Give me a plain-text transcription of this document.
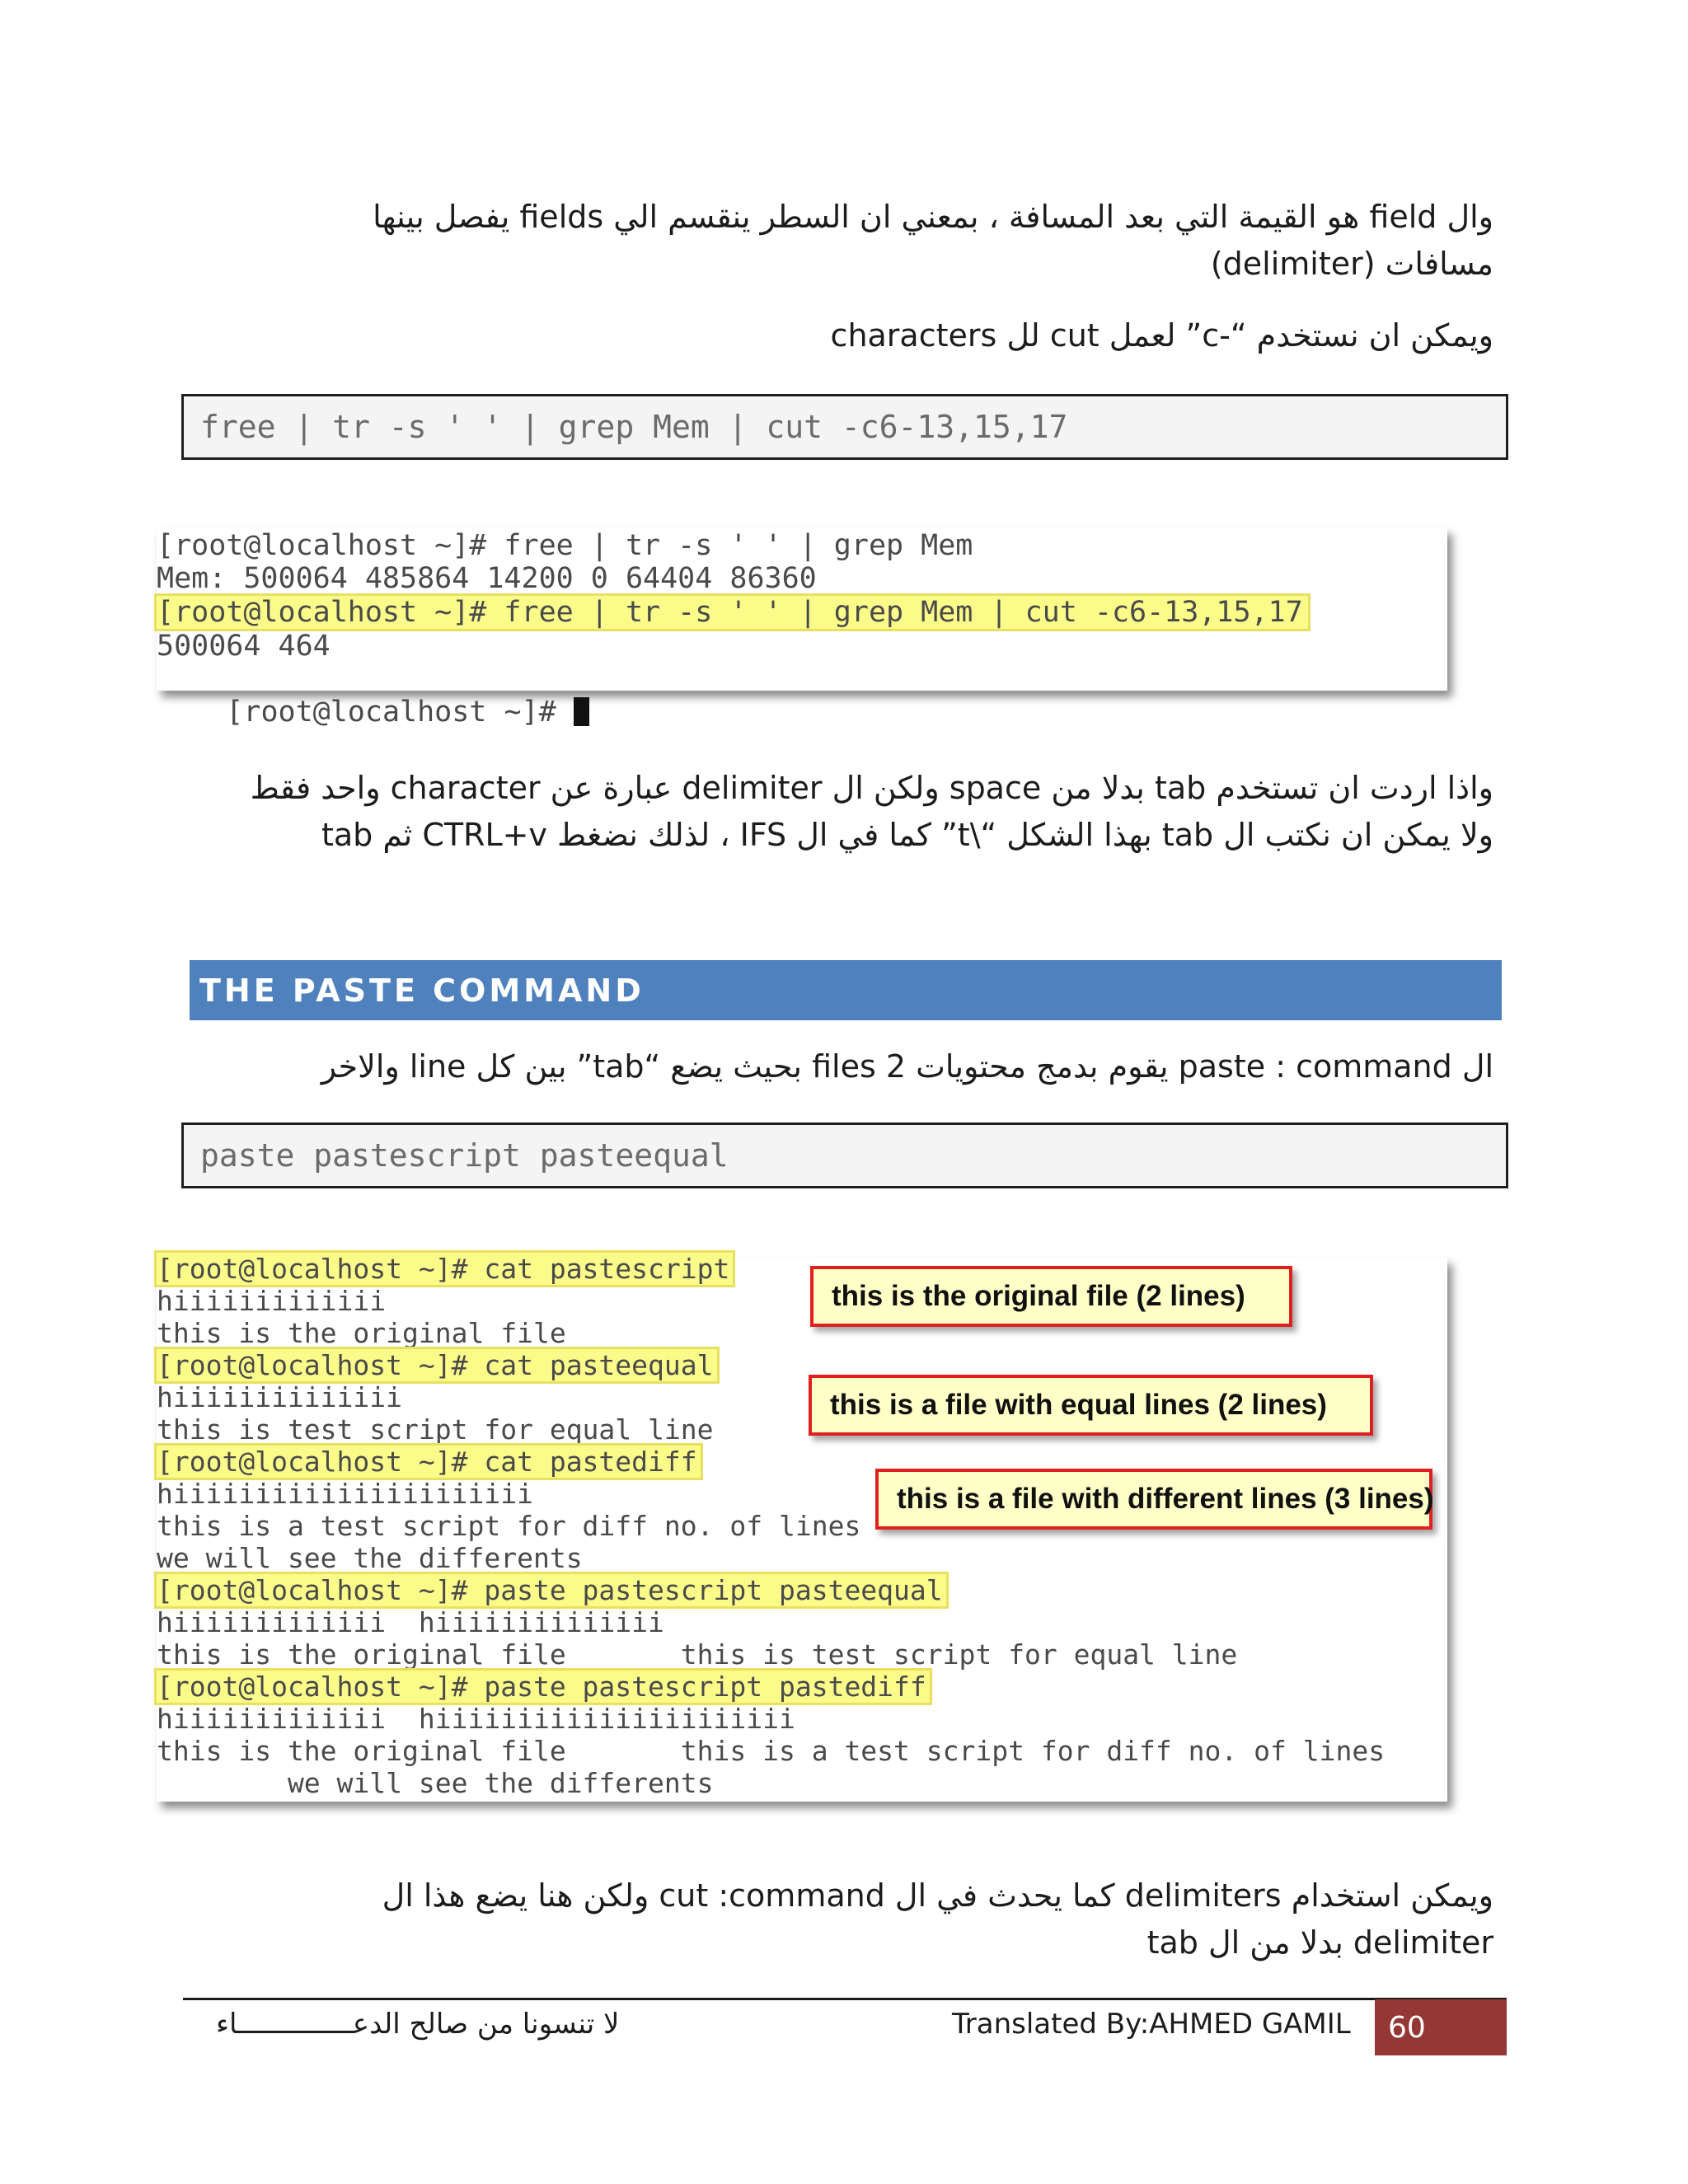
وال field هو القيمة التي بعد المسافة ، بمعني ان السطر ينقسم الي fields يفصل بينها

مسافات (delimiter)

ويمكن ان نستخدم “-c” لعمل cut لل characters

free | tr -s ' ' | grep Mem | cut -c6-13,15,17
[root@localhost ~]# free | tr -s ' ' | grep Mem
Mem: 500064 485864 14200 0 64404 86360
[root@localhost ~]# free | tr -s ' ' | grep Mem | cut -c6-13,15,17
500064 464

[root@localhost ~]#

واذا اردت ان تستخدم tab بدلا من space ولكن ال delimiter عبارة عن character واحد فقط

ولا يمكن ان نكتب ال tab بهذا الشكل “\t” كما في ال IFS ، لذلك نضغط CTRL+v ثم tab

THE PASTE COMMAND

ال paste : command يقوم بدمج محتويات 2 files بحيث يضع “tab” بين كل line والاخر

paste pastescript pasteequal
[root@localhost ~]# cat pastescript
hiiiiiiiiiiiii
this is the original file
[root@localhost ~]# cat pasteequal
hiiiiiiiiiiiiii
this is test script for equal line
[root@localhost ~]# cat pastediff
hiiiiiiiiiiiiiiiiiiiiii
this is a test script for diff no. of lines
we will see the differents
[root@localhost ~]# paste pastescript pasteequal
hiiiiiiiiiiiii  hiiiiiiiiiiiiii
this is the original file       this is test script for equal line
[root@localhost ~]# paste pastescript pastediff
hiiiiiiiiiiiii  hiiiiiiiiiiiiiiiiiiiiii
this is the original file       this is a test script for diff no. of lines
we will see the differents
this is the original file (2 lines)
this is a file with equal lines (2 lines)
this is a file with different lines (3 lines)

ويمكن استخدام delimiters كما يحدث في ال cut :command ولكن هنا يضع هذا ال

delimiter بدلا من ال tab

لا تنسونا من صالح الدعــــــــــــــاء	Translated By:AHMED GAMIL	60
